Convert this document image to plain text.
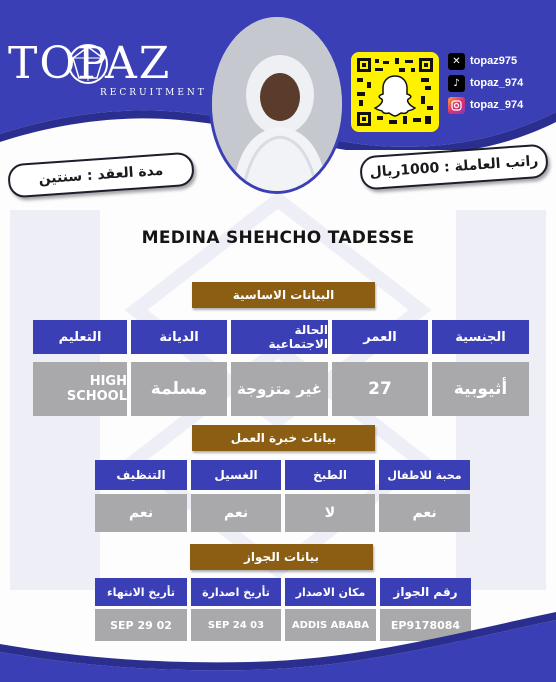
TOPAZ
RECRUITMENT
✕ topaz975
♪ topaz_974
topaz_974
مدة العقد : سنتين	راتب العاملة : 1000ريال
MEDINA SHEHCHO TADESSE
البيانات الاساسية
الجنسية
العمر
الحالة الاجتماعية
الديانة
التعليم
أثيوبية
27
غير متزوجة
مسلمة
HIGH SCHOOL
بيانات خبرة العمل
محبة للاطفال
الطبخ
الغسيل
التنظيف
نعم
لا
نعم
نعم
بيانات الجواز
رقم الجواز
مكان الاصدار
تأريخ اصدارة
تأريخ الانتهاء
EP9178084
ADDIS ABABA
03 SEP 24
02 SEP 29
